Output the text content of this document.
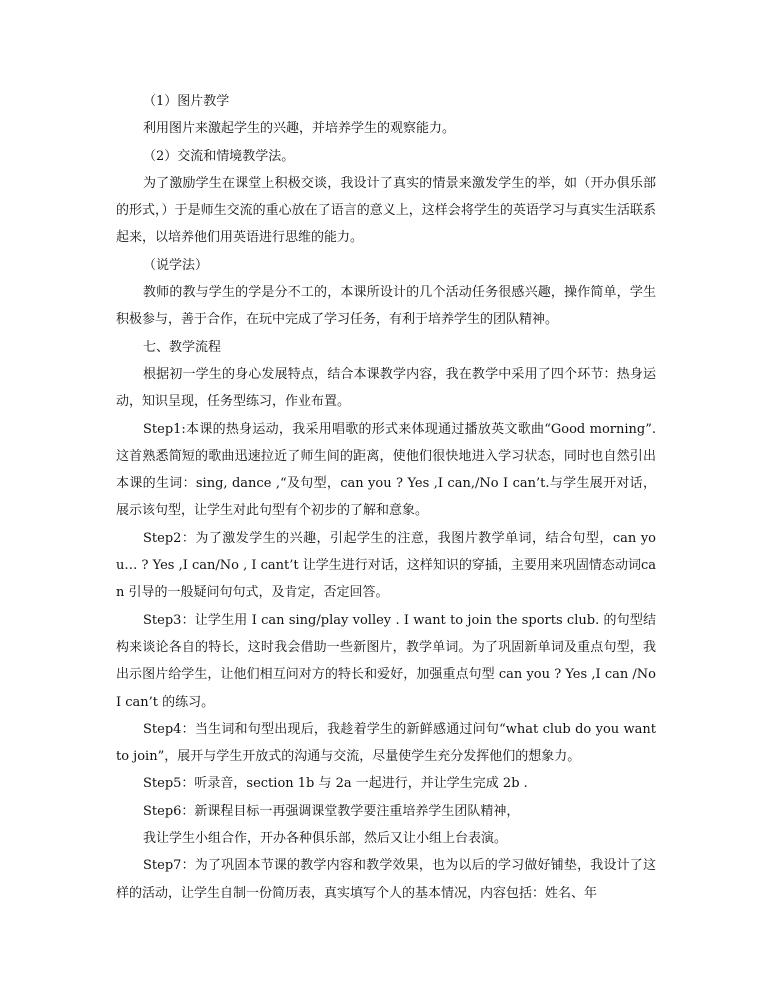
（1）图片教学

利用图片来激起学生的兴趣，并培养学生的观察能力。

（2）交流和情境教学法。

为了激励学生在课堂上积极交谈，我设计了真实的情景来激发学生的举，如（开办俱乐部的形式，）于是师生交流的重心放在了语言的意义上，这样会将学生的英语学习与真实生活联系起来，以培养他们用英语进行思维的能力。

（说学法）

教师的教与学生的学是分不工的，本课所设计的几个活动任务很感兴趣，操作简单，学生积极参与，善于合作，在玩中完成了学习任务，有利于培养学生的团队精神。

七、教学流程

根据初一学生的身心发展特点，结合本课教学内容，我在教学中采用了四个环节：热身运动，知识呈现，任务型练习，作业布置。

Step1:本课的热身运动，我采用唱歌的形式来体现通过播放英文歌曲“Good morning”.这首熟悉简短的歌曲迅速拉近了师生间的距离，使他们很快地进入学习状态，同时也自然引出本课的生词：sing, dance ,“及句型，can you ? Yes ,I can,/No I can’t.与学生展开对话，展示该句型，让学生对此句型有个初步的了解和意象。

Step2：为了激发学生的兴趣，引起学生的注意，我图片教学单词，结合句型，can you… ? Yes ,I can/No , I cant’t 让学生进行对话，这样知识的穿插，主要用来巩固情态动词can 引导的一般疑问句句式，及肯定，否定回答。

Step3：让学生用 I can sing/play volley . I want to join the sports club. 的句型结构来谈论各自的特长，这时我会借助一些新图片，教学单词。为了巩固新单词及重点句型，我出示图片给学生，让他们相互问对方的特长和爱好，加强重点句型 can you ? Yes ,I can /No I can’t 的练习。

Step4：当生词和句型出现后，我趁着学生的新鲜感通过问句“what club do you want to join”，展开与学生开放式的沟通与交流，尽量使学生充分发挥他们的想象力。

Step5：听录音，section 1b 与 2a 一起进行，并让学生完成 2b .

Step6：新课程目标一再强调课堂教学要注重培养学生团队精神，

我让学生小组合作，开办各种俱乐部，然后又让小组上台表演。

Step7：为了巩固本节课的教学内容和教学效果，也为以后的学习做好铺垫，我设计了这样的活动，让学生自制一份简历表，真实填写个人的基本情况，内容包括：姓名、年
